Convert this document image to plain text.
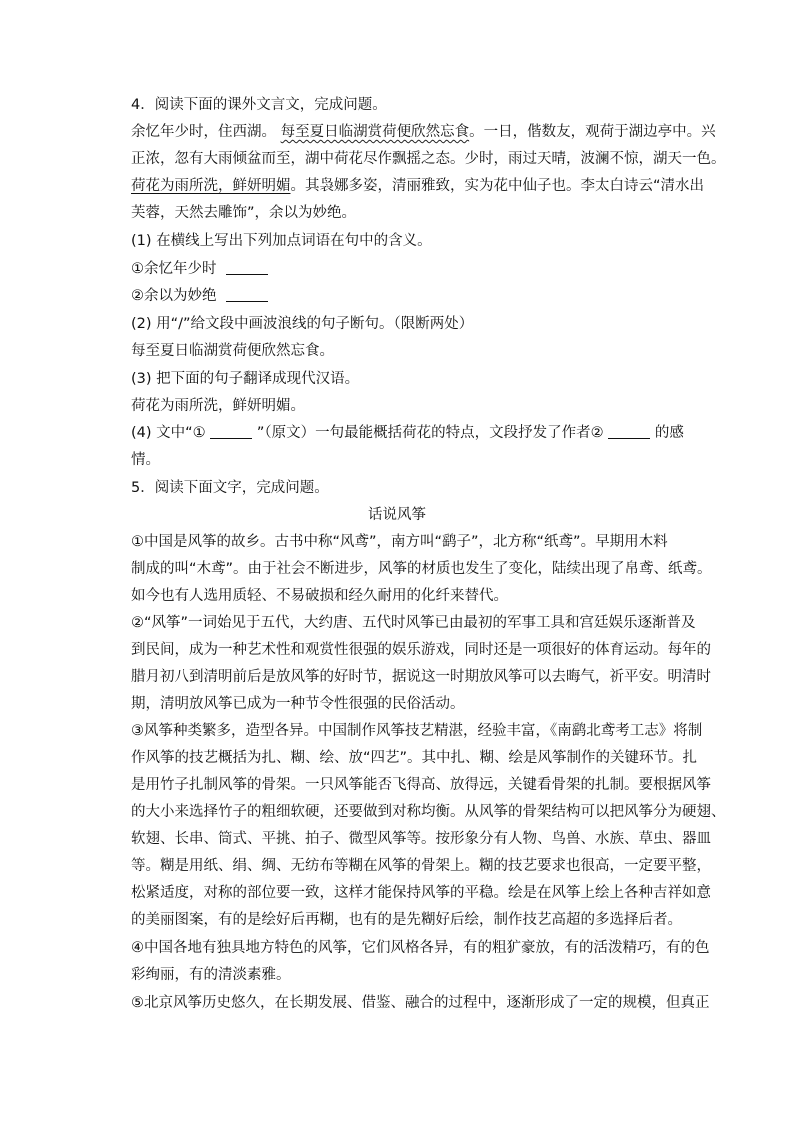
4．阅读下面的课外文言文，完成问题。
余忆年少时，住西湖。 每至夏日临湖赏荷便欣然忘食。一日，偕数友，观荷于湖边亭中。兴
正浓，忽有大雨倾盆而至，湖中荷花尽作飘摇之态。少时，雨过天晴，波澜不惊，湖天一色。
荷花为雨所洗，鲜妍明媚。其袅娜多姿，清丽雅致，实为花中仙子也。李太白诗云“清水出
芙蓉，天然去雕饰”，余以为妙绝。
(1) 在横线上写出下列加点词语在句中的含义。
①余忆年少时
②余以为妙绝
(2) 用“/”给文段中画波浪线的句子断句。（限断两处）
每至夏日临湖赏荷便欣然忘食。
(3) 把下面的句子翻译成现代汉语。
荷花为雨所洗，鲜妍明媚。
(4) 文中“①	”（原文）一句最能概括荷花的特点，文段抒发了作者②	的感
情。
5．阅读下面文字，完成问题。
话说风筝
①中国是风筝的故乡。古书中称“风鸢”，南方叫“鹞子”，北方称“纸鸢”。早期用木料
制成的叫“木鸢”。由于社会不断进步，风筝的材质也发生了变化，陆续出现了帛鸢、纸鸢。
如今也有人选用质轻、不易破损和经久耐用的化纤来替代。
②“风筝”一词始见于五代，大约唐、五代时风筝已由最初的军事工具和宫廷娱乐逐渐普及
到民间，成为一种艺术性和观赏性很强的娱乐游戏，同时还是一项很好的体育运动。每年的
腊月初八到清明前后是放风筝的好时节，据说这一时期放风筝可以去晦气，祈平安。明清时
期，清明放风筝已成为一种节令性很强的民俗活动。
③风筝种类繁多，造型各异。中国制作风筝技艺精湛，经验丰富，《南鹞北鸢考工志》将制
作风筝的技艺概括为扎、糊、绘、放“四艺”。其中扎、糊、绘是风筝制作的关键环节。扎
是用竹子扎制风筝的骨架。一只风筝能否飞得高、放得远，关键看骨架的扎制。要根据风筝
的大小来选择竹子的粗细软硬，还要做到对称均衡。从风筝的骨架结构可以把风筝分为硬翅、
软翅、长串、筒式、平挑、拍子、微型风筝等。按形象分有人物、鸟兽、水族、草虫、器皿
等。糊是用纸、绢、绸、无纺布等糊在风筝的骨架上。糊的技艺要求也很高，一定要平整，
松紧适度，对称的部位要一致，这样才能保持风筝的平稳。绘是在风筝上绘上各种吉祥如意
的美丽图案，有的是绘好后再糊，也有的是先糊好后绘，制作技艺高超的多选择后者。
④中国各地有独具地方特色的风筝，它们风格各异，有的粗犷豪放，有的活泼精巧，有的色
彩绚丽，有的清淡素雅。
⑤北京风筝历史悠久，在长期发展、借鉴、融合的过程中，逐渐形成了一定的规模，但真正
